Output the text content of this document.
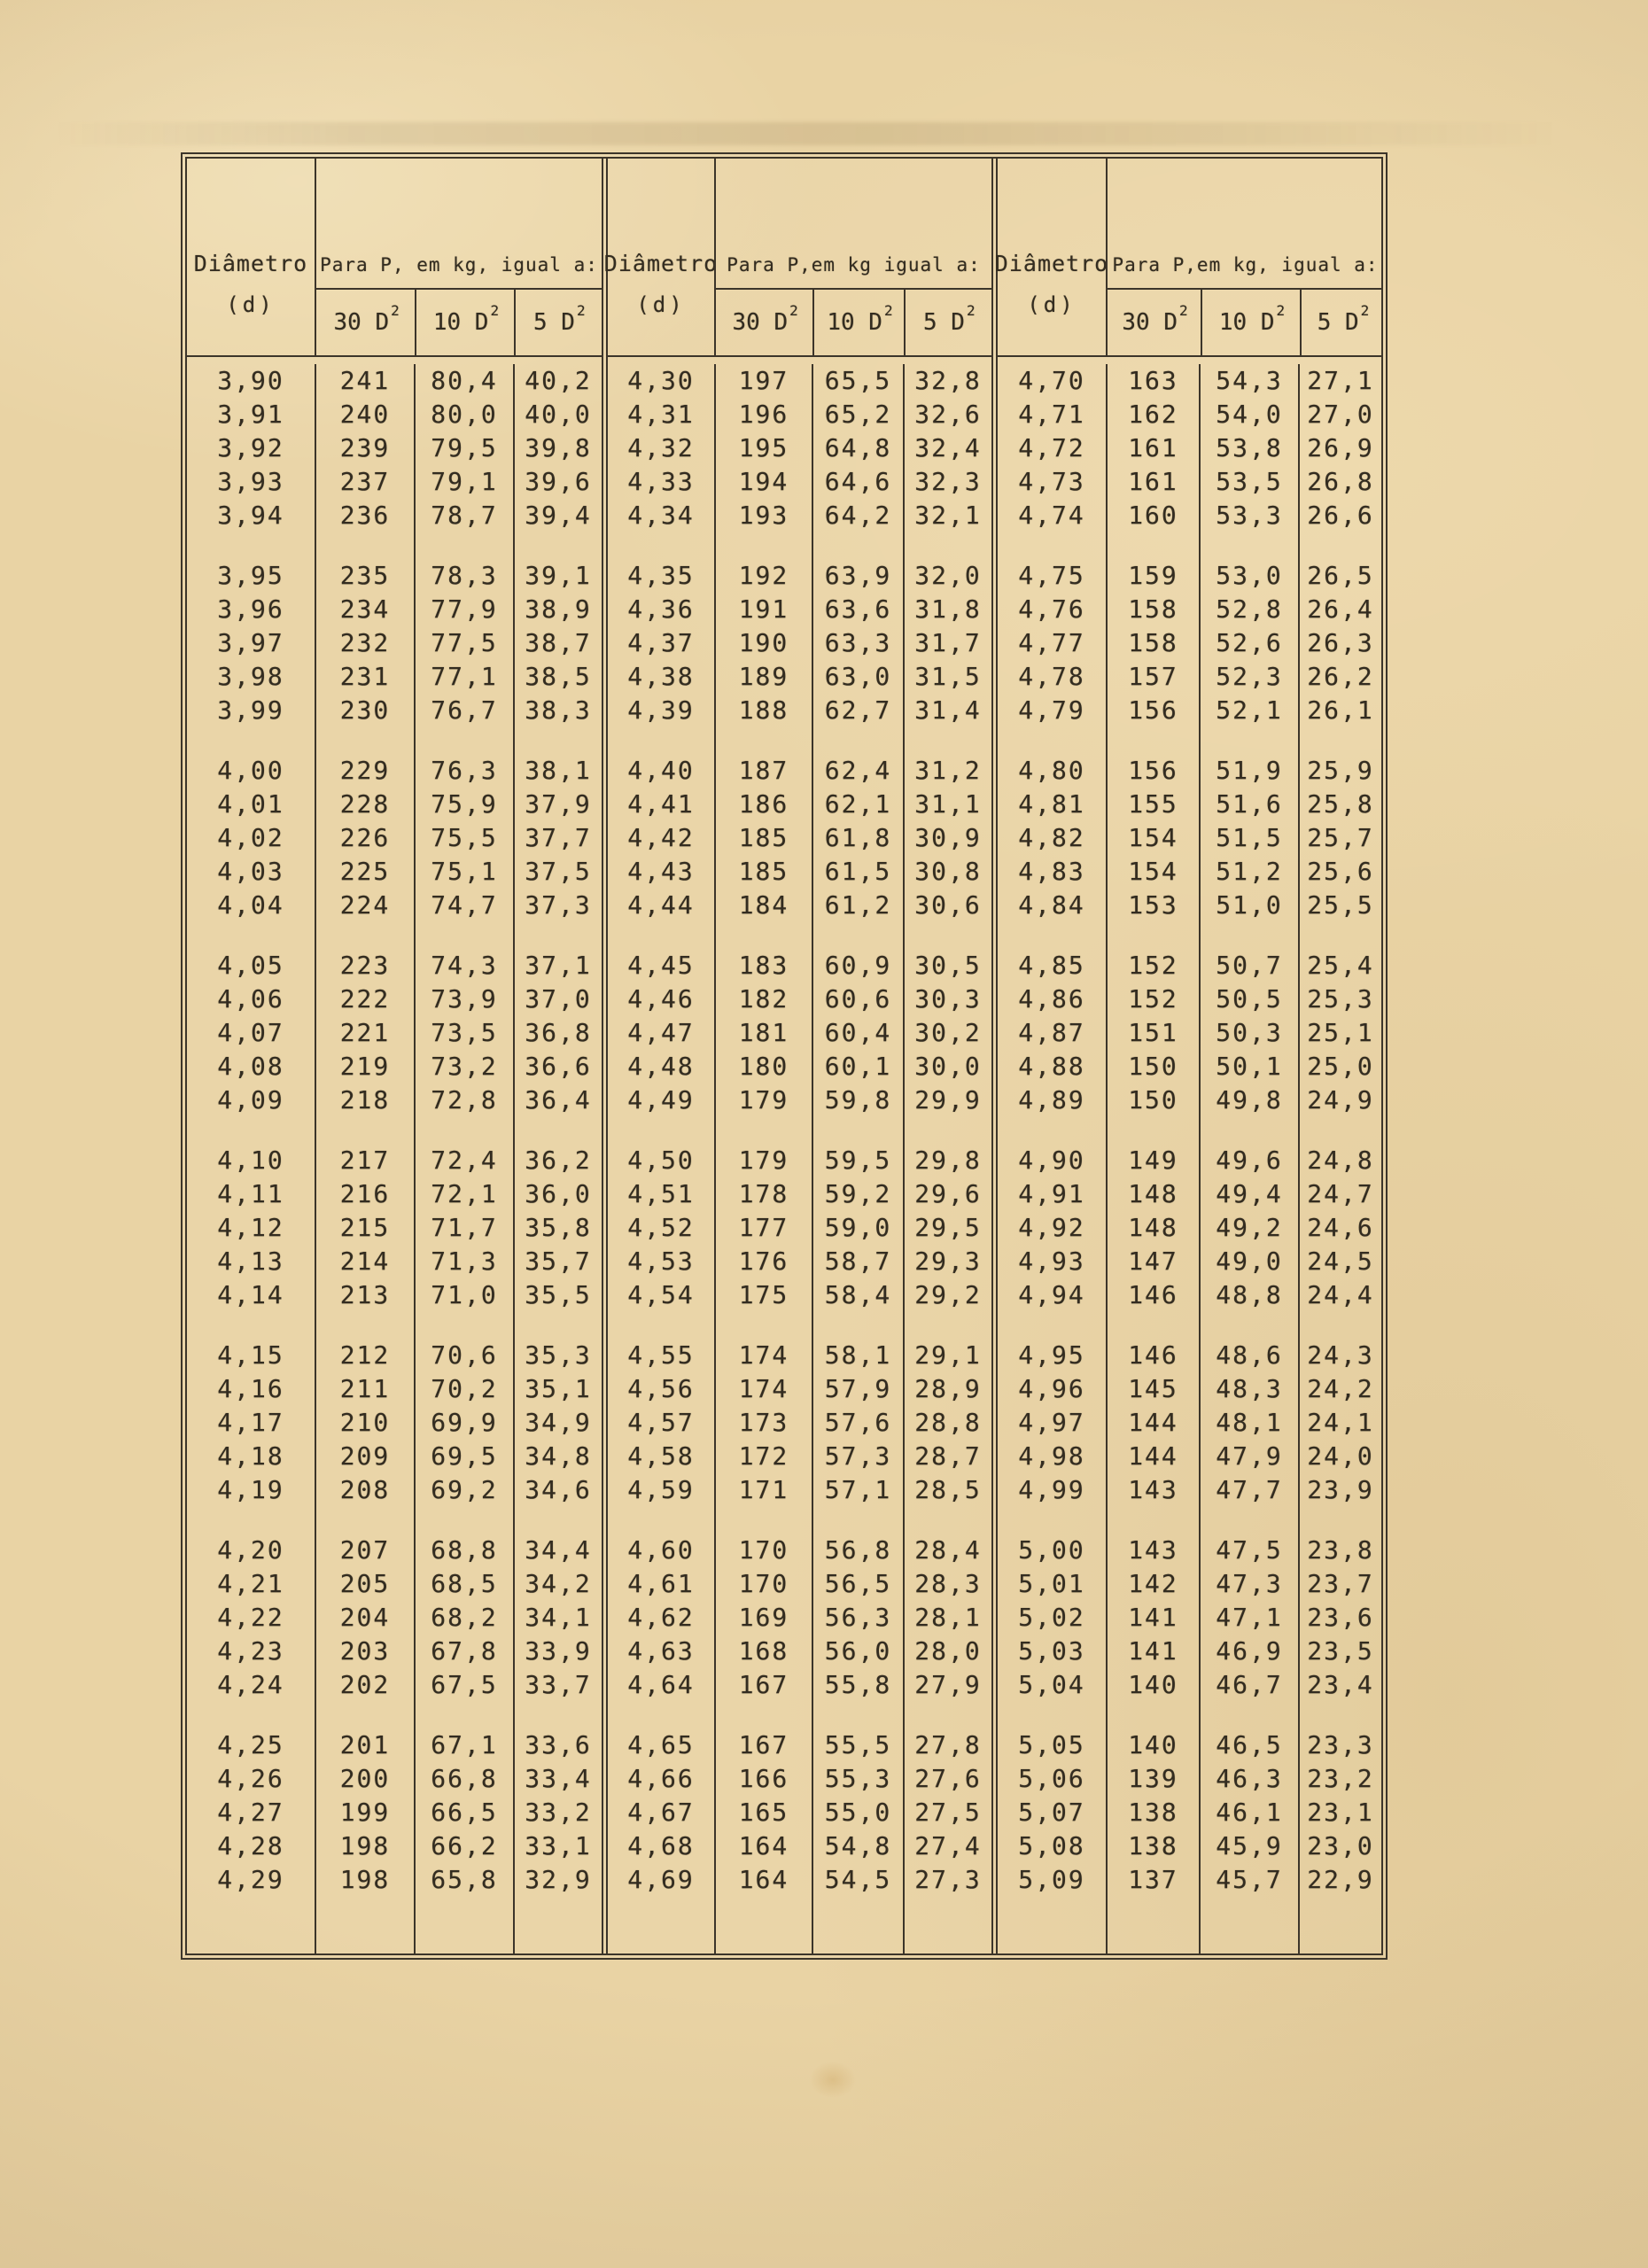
Diâmetro
(d)
Para P, em kg, igual a:
30 D 2 10 D 2 5 D 2
3,90
3,91
3,92
3,93
3,94
3,95
3,96
3,97
3,98
3,99
4,00
4,01
4,02
4,03
4,04
4,05
4,06
4,07
4,08
4,09
4,10
4,11
4,12
4,13
4,14
4,15
4,16
4,17
4,18
4,19
4,20
4,21
4,22
4,23
4,24
4,25
4,26
4,27
4,28
4,29
241
240
239
237
236
235
234
232
231
230
229
228
226
225
224
223
222
221
219
218
217
216
215
214
213
212
211
210
209
208
207
205
204
203
202
201
200
199
198
198
80,4
80,0
79,5
79,1
78,7
78,3
77,9
77,5
77,1
76,7
76,3
75,9
75,5
75,1
74,7
74,3
73,9
73,5
73,2
72,8
72,4
72,1
71,7
71,3
71,0
70,6
70,2
69,9
69,5
69,2
68,8
68,5
68,2
67,8
67,5
67,1
66,8
66,5
66,2
65,8
40,2
40,0
39,8
39,6
39,4
39,1
38,9
38,7
38,5
38,3
38,1
37,9
37,7
37,5
37,3
37,1
37,0
36,8
36,6
36,4
36,2
36,0
35,8
35,7
35,5
35,3
35,1
34,9
34,8
34,6
34,4
34,2
34,1
33,9
33,7
33,6
33,4
33,2
33,1
32,9
Diâmetro
(d)
Para P,em kg igual a:
30 D 2 10 D 2 5 D 2
4,30
4,31
4,32
4,33
4,34
4,35
4,36
4,37
4,38
4,39
4,40
4,41
4,42
4,43
4,44
4,45
4,46
4,47
4,48
4,49
4,50
4,51
4,52
4,53
4,54
4,55
4,56
4,57
4,58
4,59
4,60
4,61
4,62
4,63
4,64
4,65
4,66
4,67
4,68
4,69
197
196
195
194
193
192
191
190
189
188
187
186
185
185
184
183
182
181
180
179
179
178
177
176
175
174
174
173
172
171
170
170
169
168
167
167
166
165
164
164
65,5
65,2
64,8
64,6
64,2
63,9
63,6
63,3
63,0
62,7
62,4
62,1
61,8
61,5
61,2
60,9
60,6
60,4
60,1
59,8
59,5
59,2
59,0
58,7
58,4
58,1
57,9
57,6
57,3
57,1
56,8
56,5
56,3
56,0
55,8
55,5
55,3
55,0
54,8
54,5
32,8
32,6
32,4
32,3
32,1
32,0
31,8
31,7
31,5
31,4
31,2
31,1
30,9
30,8
30,6
30,5
30,3
30,2
30,0
29,9
29,8
29,6
29,5
29,3
29,2
29,1
28,9
28,8
28,7
28,5
28,4
28,3
28,1
28,0
27,9
27,8
27,6
27,5
27,4
27,3
Diâmetro
(d)
Para P,em kg, igual a:
30 D 2 10 D 2 5 D 2
4,70
4,71
4,72
4,73
4,74
4,75
4,76
4,77
4,78
4,79
4,80
4,81
4,82
4,83
4,84
4,85
4,86
4,87
4,88
4,89
4,90
4,91
4,92
4,93
4,94
4,95
4,96
4,97
4,98
4,99
5,00
5,01
5,02
5,03
5,04
5,05
5,06
5,07
5,08
5,09
163
162
161
161
160
159
158
158
157
156
156
155
154
154
153
152
152
151
150
150
149
148
148
147
146
146
145
144
144
143
143
142
141
141
140
140
139
138
138
137
54,3
54,0
53,8
53,5
53,3
53,0
52,8
52,6
52,3
52,1
51,9
51,6
51,5
51,2
51,0
50,7
50,5
50,3
50,1
49,8
49,6
49,4
49,2
49,0
48,8
48,6
48,3
48,1
47,9
47,7
47,5
47,3
47,1
46,9
46,7
46,5
46,3
46,1
45,9
45,7
27,1
27,0
26,9
26,8
26,6
26,5
26,4
26,3
26,2
26,1
25,9
25,8
25,7
25,6
25,5
25,4
25,3
25,1
25,0
24,9
24,8
24,7
24,6
24,5
24,4
24,3
24,2
24,1
24,0
23,9
23,8
23,7
23,6
23,5
23,4
23,3
23,2
23,1
23,0
22,9
